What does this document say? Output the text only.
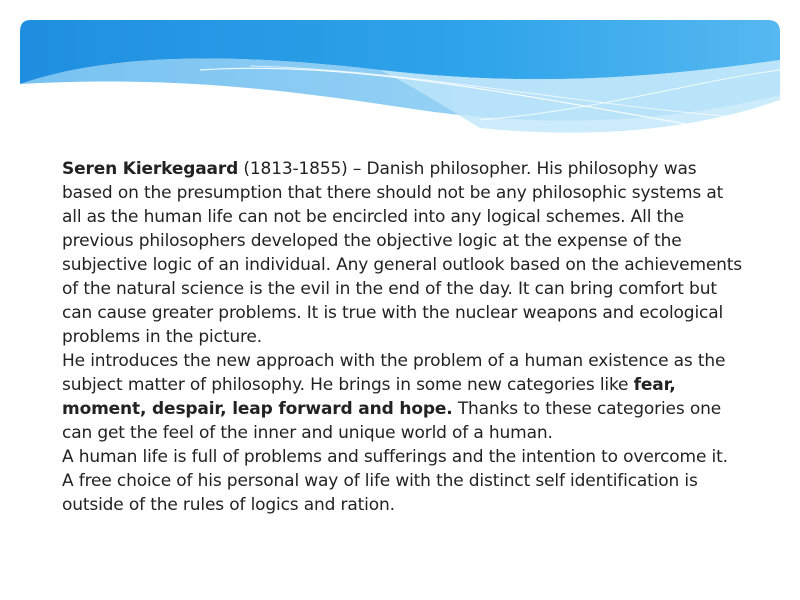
Seren Kierkegaard (1813-1855) – Danish philosopher. His philosophy was based on the presumption that there should not be any philosophic systems at all as the human life can not be encircled into any logical schemes. All the previous philosophers developed the objective logic at the expense of the subjective logic of an individual. Any general outlook based on the achievements of the natural science is the evil in the end of the day. It can bring comfort but can cause greater problems. It is true with the nuclear weapons and ecological problems in the picture.

He introduces the new approach with the problem of a human existence as the subject matter of philosophy. He brings in some new categories like fear, moment, despair, leap forward and hope. Thanks to these categories one can get the feel of the inner and unique world of a human.

A human life is full of problems and sufferings and the intention to overcome it. A free choice of his personal way of life with the distinct self identification is outside of the rules of logics and ration.
